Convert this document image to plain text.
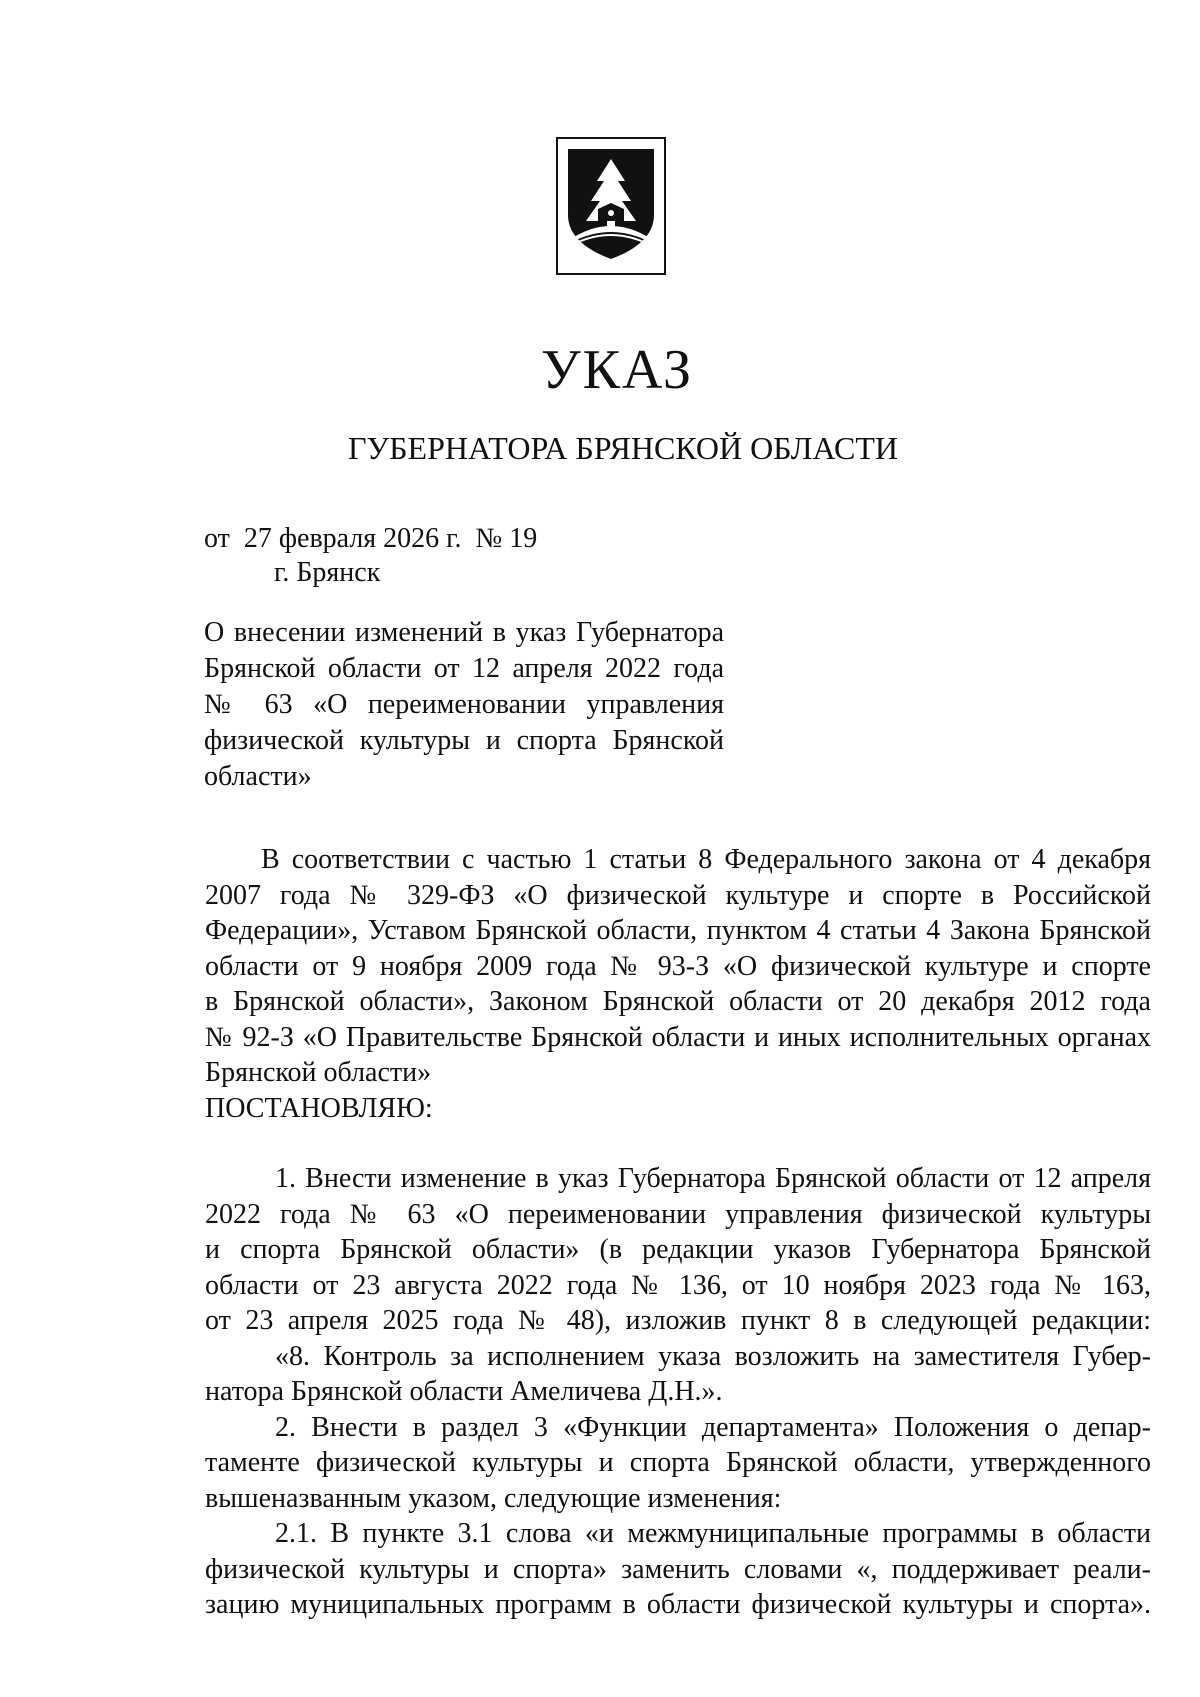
УКАЗ
ГУБЕРНАТОРА БРЯНСКОЙ ОБЛАСТИ
от  27 февраля 2026 г.  № 19
г. Брянск
О внесении изменений в указ Губернатора
Брянской области от 12 апреля 2022 года
№ 63 «О переименовании управления
физической культуры и спорта Брянской
области»
В соответствии с частью 1 статьи 8 Федерального закона от 4 декабря
2007 года № 329-ФЗ «О физической культуре и спорте в Российской
Федерации», Уставом Брянской области, пунктом 4 статьи 4 Закона Брянской
области от 9 ноября 2009 года № 93-З «О физической культуре и спорте
в Брянской области», Законом Брянской области от 20 декабря 2012 года
№ 92-З «О Правительстве Брянской области и иных исполнительных органах
Брянской области»
ПОСТАНОВЛЯЮ:
1. Внести изменение в указ Губернатора Брянской области от 12 апреля
2022 года № 63 «О переименовании управления физической культуры
и спорта Брянской области» (в редакции указов Губернатора Брянской
области от 23 августа 2022 года № 136, от 10 ноября 2023 года № 163,
от 23 апреля 2025 года № 48), изложив пункт 8 в следующей редакции:
«8. Контроль за исполнением указа возложить на заместителя Губер-
натора Брянской области Амеличева Д.Н.».
2. Внести в раздел 3 «Функции департамента» Положения о депар-
таменте физической культуры и спорта Брянской области, утвержденного
вышеназванным указом, следующие изменения:
2.1. В пункте 3.1 слова «и межмуниципальные программы в области
физической культуры и спорта» заменить словами «, поддерживает реали-
зацию муниципальных программ в области физической культуры и спорта».
